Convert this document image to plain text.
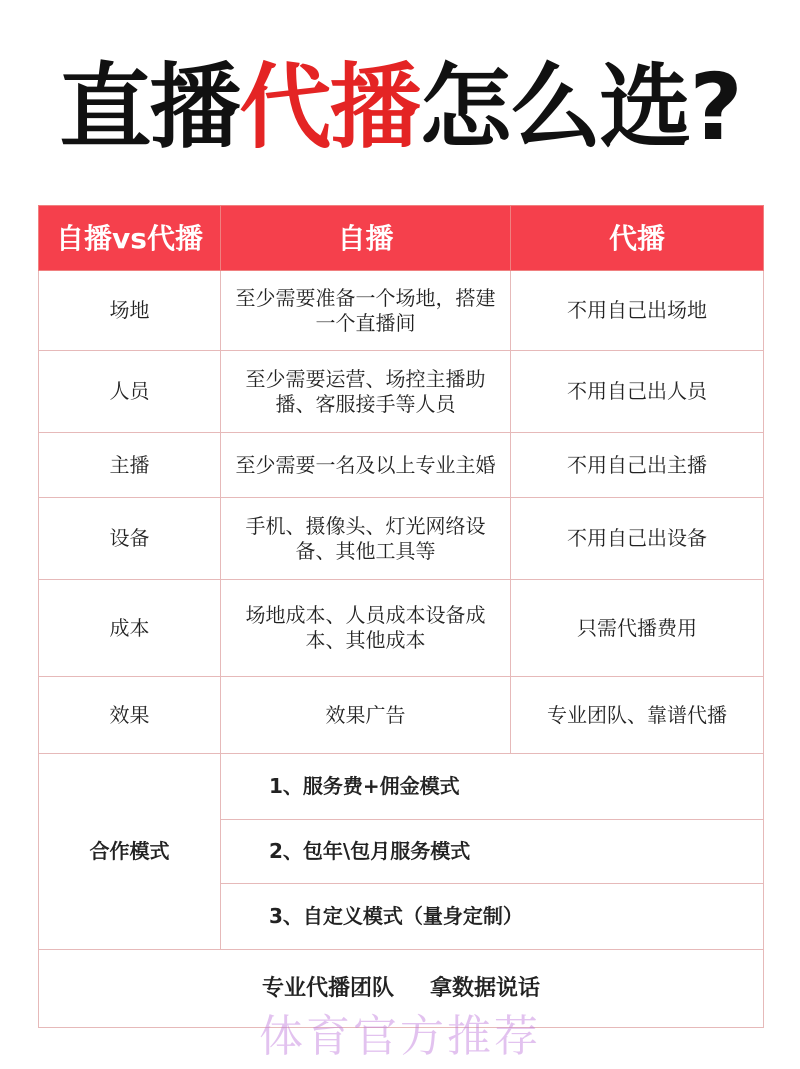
直播代播怎么选?
自播vs代播	自播	代播
场地	至少需要准备一个场地，搭建一个直播间	不用自己出场地
人员	至少需要运营、场控主播助播、客服接手等人员	不用自己出人员
主播	至少需要一名及以上专业主婚	不用自己出主播
设备	手机、摄像头、灯光网络设备、其他工具等	不用自己出设备
成本	场地成本、人员成本设备成本、其他成本	只需代播费用
效果	效果广告	专业团队、靠谱代播
合作模式	1、服务费+佣金模式	
	2、包年\包月服务模式	
	3、自定义模式（量身定制）	
专业代播团队 拿数据说话		
体育官方推荐
